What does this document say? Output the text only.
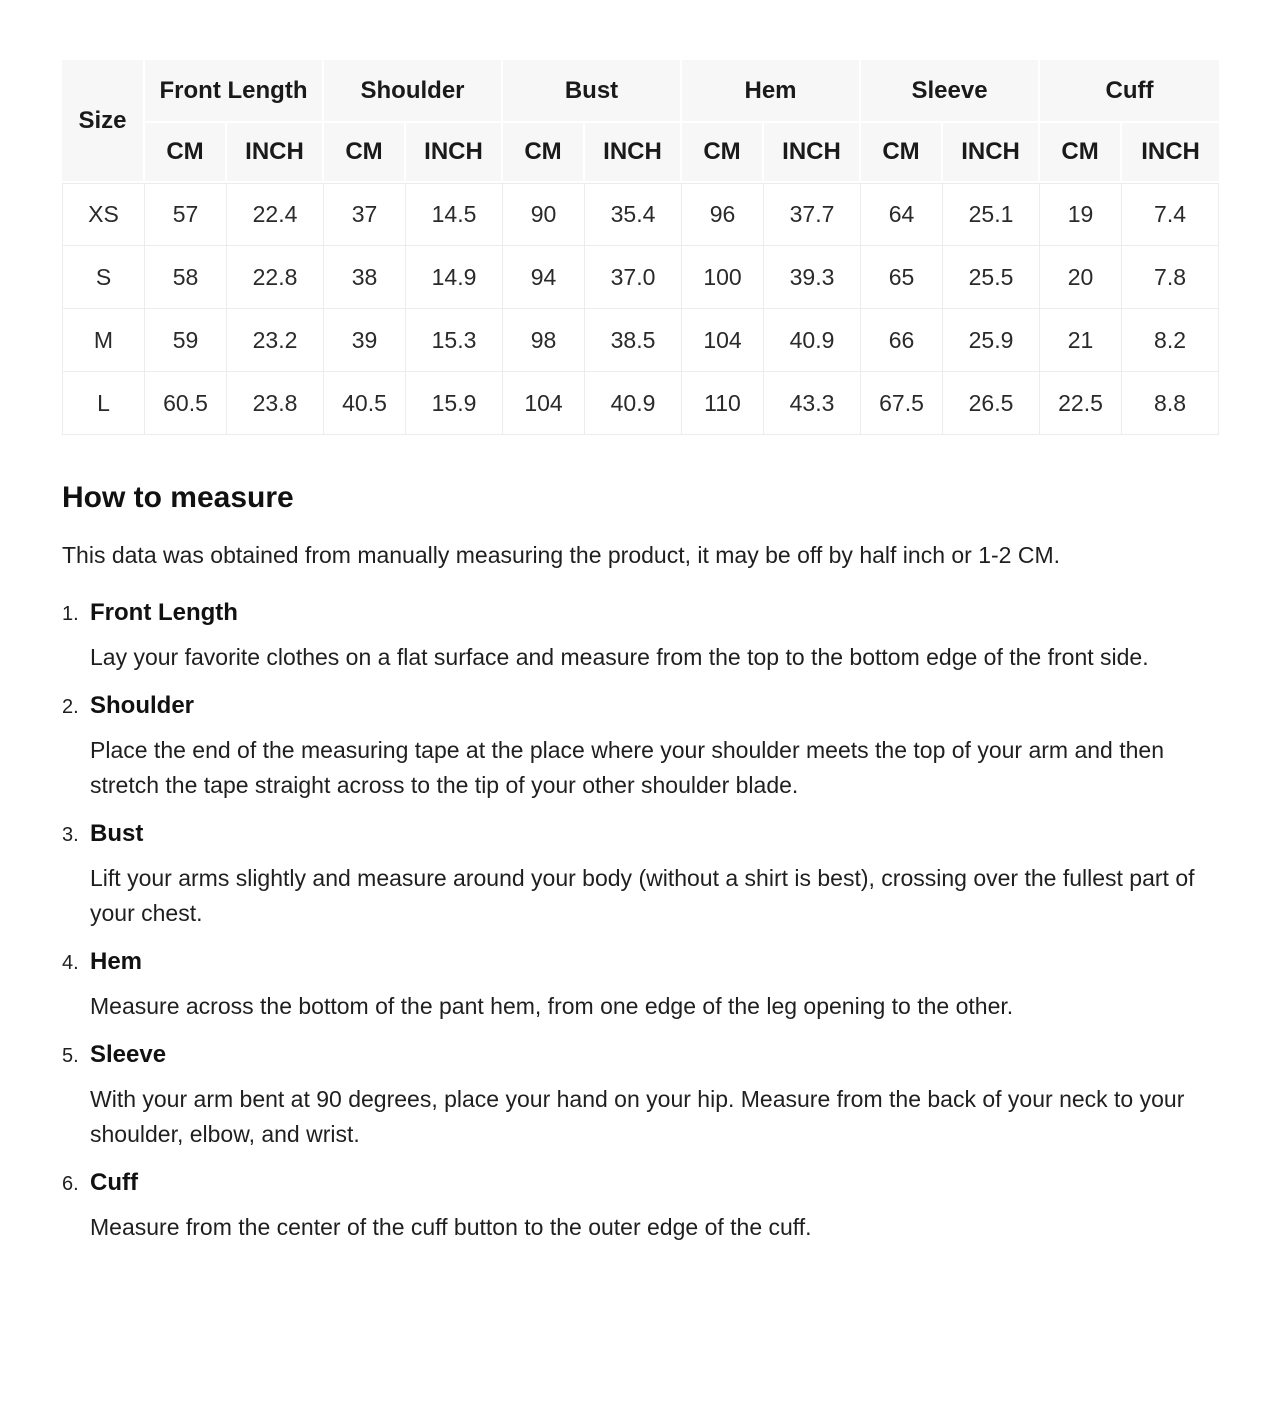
Size	Front Length		Shoulder		Bust		Hem		Sleeve		Cuff	
	CM	INCH	CM	INCH	CM	INCH	CM	INCH	CM	INCH	CM	INCH
XS	57	22.4	37	14.5	90	35.4	96	37.7	64	25.1	19	7.4
S	58	22.8	38	14.9	94	37.0	100	39.3	65	25.5	20	7.8
M	59	23.2	39	15.3	98	38.5	104	40.9	66	25.9	21	8.2
L	60.5	23.8	40.5	15.9	104	40.9	110	43.3	67.5	26.5	22.5	8.8
How to measure

This data was obtained from manually measuring the product, it may be off by half inch or 1-2 CM.

1. Front Length

Lay your favorite clothes on a flat surface and measure from the top to the bottom edge of the front side.

2. Shoulder

Place the end of the measuring tape at the place where your shoulder meets the top of your arm and then stretch the tape straight across to the tip of your other shoulder blade.

3. Bust

Lift your arms slightly and measure around your body (without a shirt is best), crossing over the fullest part of your chest.

4. Hem

Measure across the bottom of the pant hem, from one edge of the leg opening to the other.

5. Sleeve

With your arm bent at 90 degrees, place your hand on your hip. Measure from the back of your neck to your shoulder, elbow, and wrist.

6. Cuff

Measure from the center of the cuff button to the outer edge of the cuff.
